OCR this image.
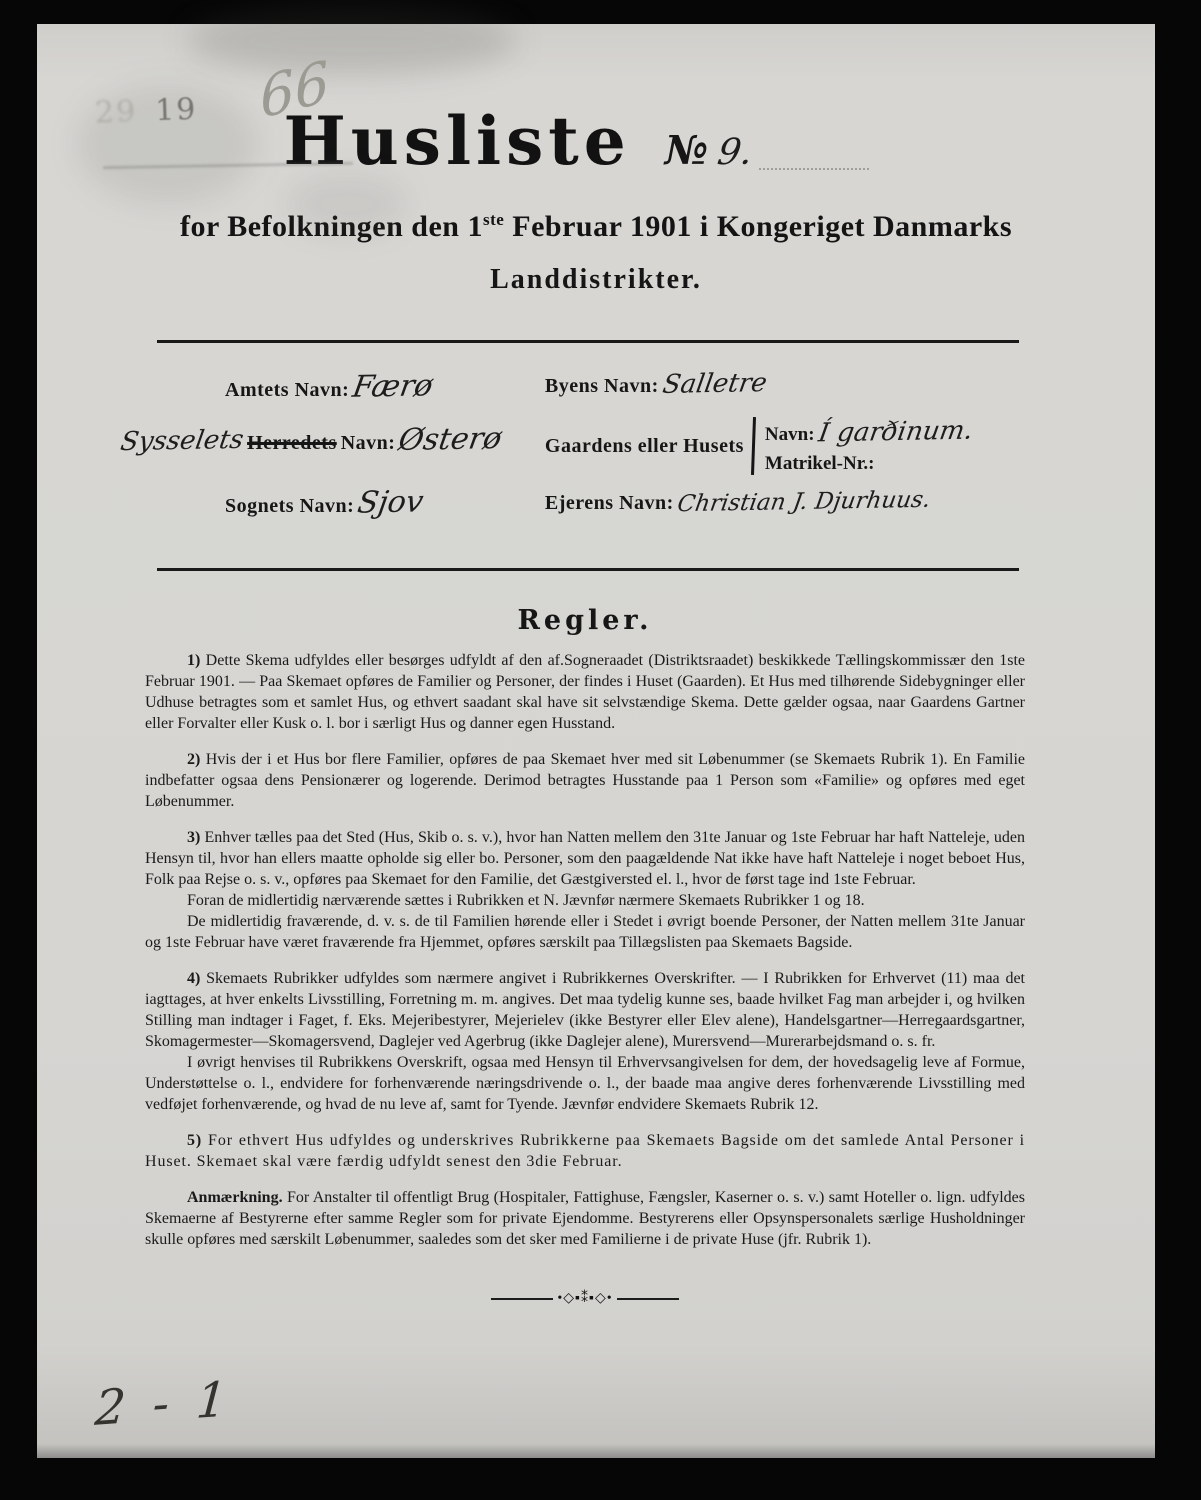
29 19 66
Husliste № 9.
for Befolkningen den 1ste Februar 1901 i Kongeriget Danmarks
Landdistrikter.
Amtets Navn: Færø
Sysselets Herredets Navn: Østerø
Sognets Navn: Sjov
Byens Navn: Salletre
Gaardens eller Husets Navn: Í garðinum.
Matrikel-Nr.:
Ejerens Navn: Christian J. Djurhuus.
Regler.

1) Dette Skema udfyldes eller besørges udfyldt af den af.Sogneraadet (Distriktsraadet) beskikkede Tællingskommissær den 1ste Februar 1901. — Paa Skemaet opføres de Familier og Personer, der findes i Huset (Gaarden). Et Hus med tilhørende Sidebygninger eller Udhuse betragtes som et samlet Hus, og ethvert saadant skal have sit selvstændige Skema. Dette gælder ogsaa, naar Gaardens Gartner eller Forvalter eller Kusk o. l. bor i særligt Hus og danner egen Husstand.

2) Hvis der i et Hus bor flere Familier, opføres de paa Skemaet hver med sit Løbenummer (se Skemaets Rubrik 1). En Familie indbefatter ogsaa dens Pensionærer og logerende. Derimod betragtes Husstande paa 1 Person som «Familie» og opføres med eget Løbenummer.

3) Enhver tælles paa det Sted (Hus, Skib o. s. v.), hvor han Natten mellem den 31te Januar og 1ste Februar har haft Natteleje, uden Hensyn til, hvor han ellers maatte opholde sig eller bo. Personer, som den paagældende Nat ikke have haft Natteleje i noget beboet Hus, Folk paa Rejse o. s. v., opføres paa Skemaet for den Familie, det Gæstgiversted el. l., hvor de først tage ind 1ste Februar.

Foran de midlertidig nærværende sættes i Rubrikken et N. Jævnfør nærmere Skemaets Rubrikker 1 og 18.

De midlertidig fraværende, d. v. s. de til Familien hørende eller i Stedet i øvrigt boende Personer, der Natten mellem 31te Januar og 1ste Februar have været fraværende fra Hjemmet, opføres særskilt paa Tillægslisten paa Skemaets Bagside.

4) Skemaets Rubrikker udfyldes som nærmere angivet i Rubrikkernes Overskrifter. — I Rubrikken for Erhvervet (11) maa det iagttages, at hver enkelts Livsstilling, Forretning m. m. angives. Det maa tydelig kunne ses, baade hvilket Fag man arbejder i, og hvilken Stilling man indtager i Faget, f. Eks. Mejeribestyrer, Mejerielev (ikke Bestyrer eller Elev alene), Handelsgartner—Herregaardsgartner, Skomagermester—Skomagersvend, Daglejer ved Agerbrug (ikke Daglejer alene), Murersvend—Murerarbejdsmand o. s. fr.

I øvrigt henvises til Rubrikkens Overskrift, ogsaa med Hensyn til Erhvervsangivelsen for dem, der hovedsagelig leve af Formue, Understøttelse o. l., endvidere for forhenværende næringsdrivende o. l., der baade maa angive deres forhenværende Livsstilling med vedføjet forhenværende, og hvad de nu leve af, samt for Tyende. Jævnfør endvidere Skemaets Rubrik 12.

5) For ethvert Hus udfyldes og underskrives Rubrikkerne paa Skemaets Bagside om det samlede Antal Personer i Huset. Skemaet skal være færdig udfyldt senest den 3die Februar.

Anmærkning. For Anstalter til offentligt Brug (Hospitaler, Fattighuse, Fængsler, Kaserner o. s. v.) samt Hoteller o. lign. udfyldes Skemaerne af Bestyrerne efter samme Regler som for private Ejendomme. Bestyrerens eller Opsynspersonalets særlige Husholdninger skulle opføres med særskilt Løbenummer, saaledes som det sker med Familierne i de private Huse (jfr. Rubrik 1).

•◇▪⁑▪◇•
2 - 1
